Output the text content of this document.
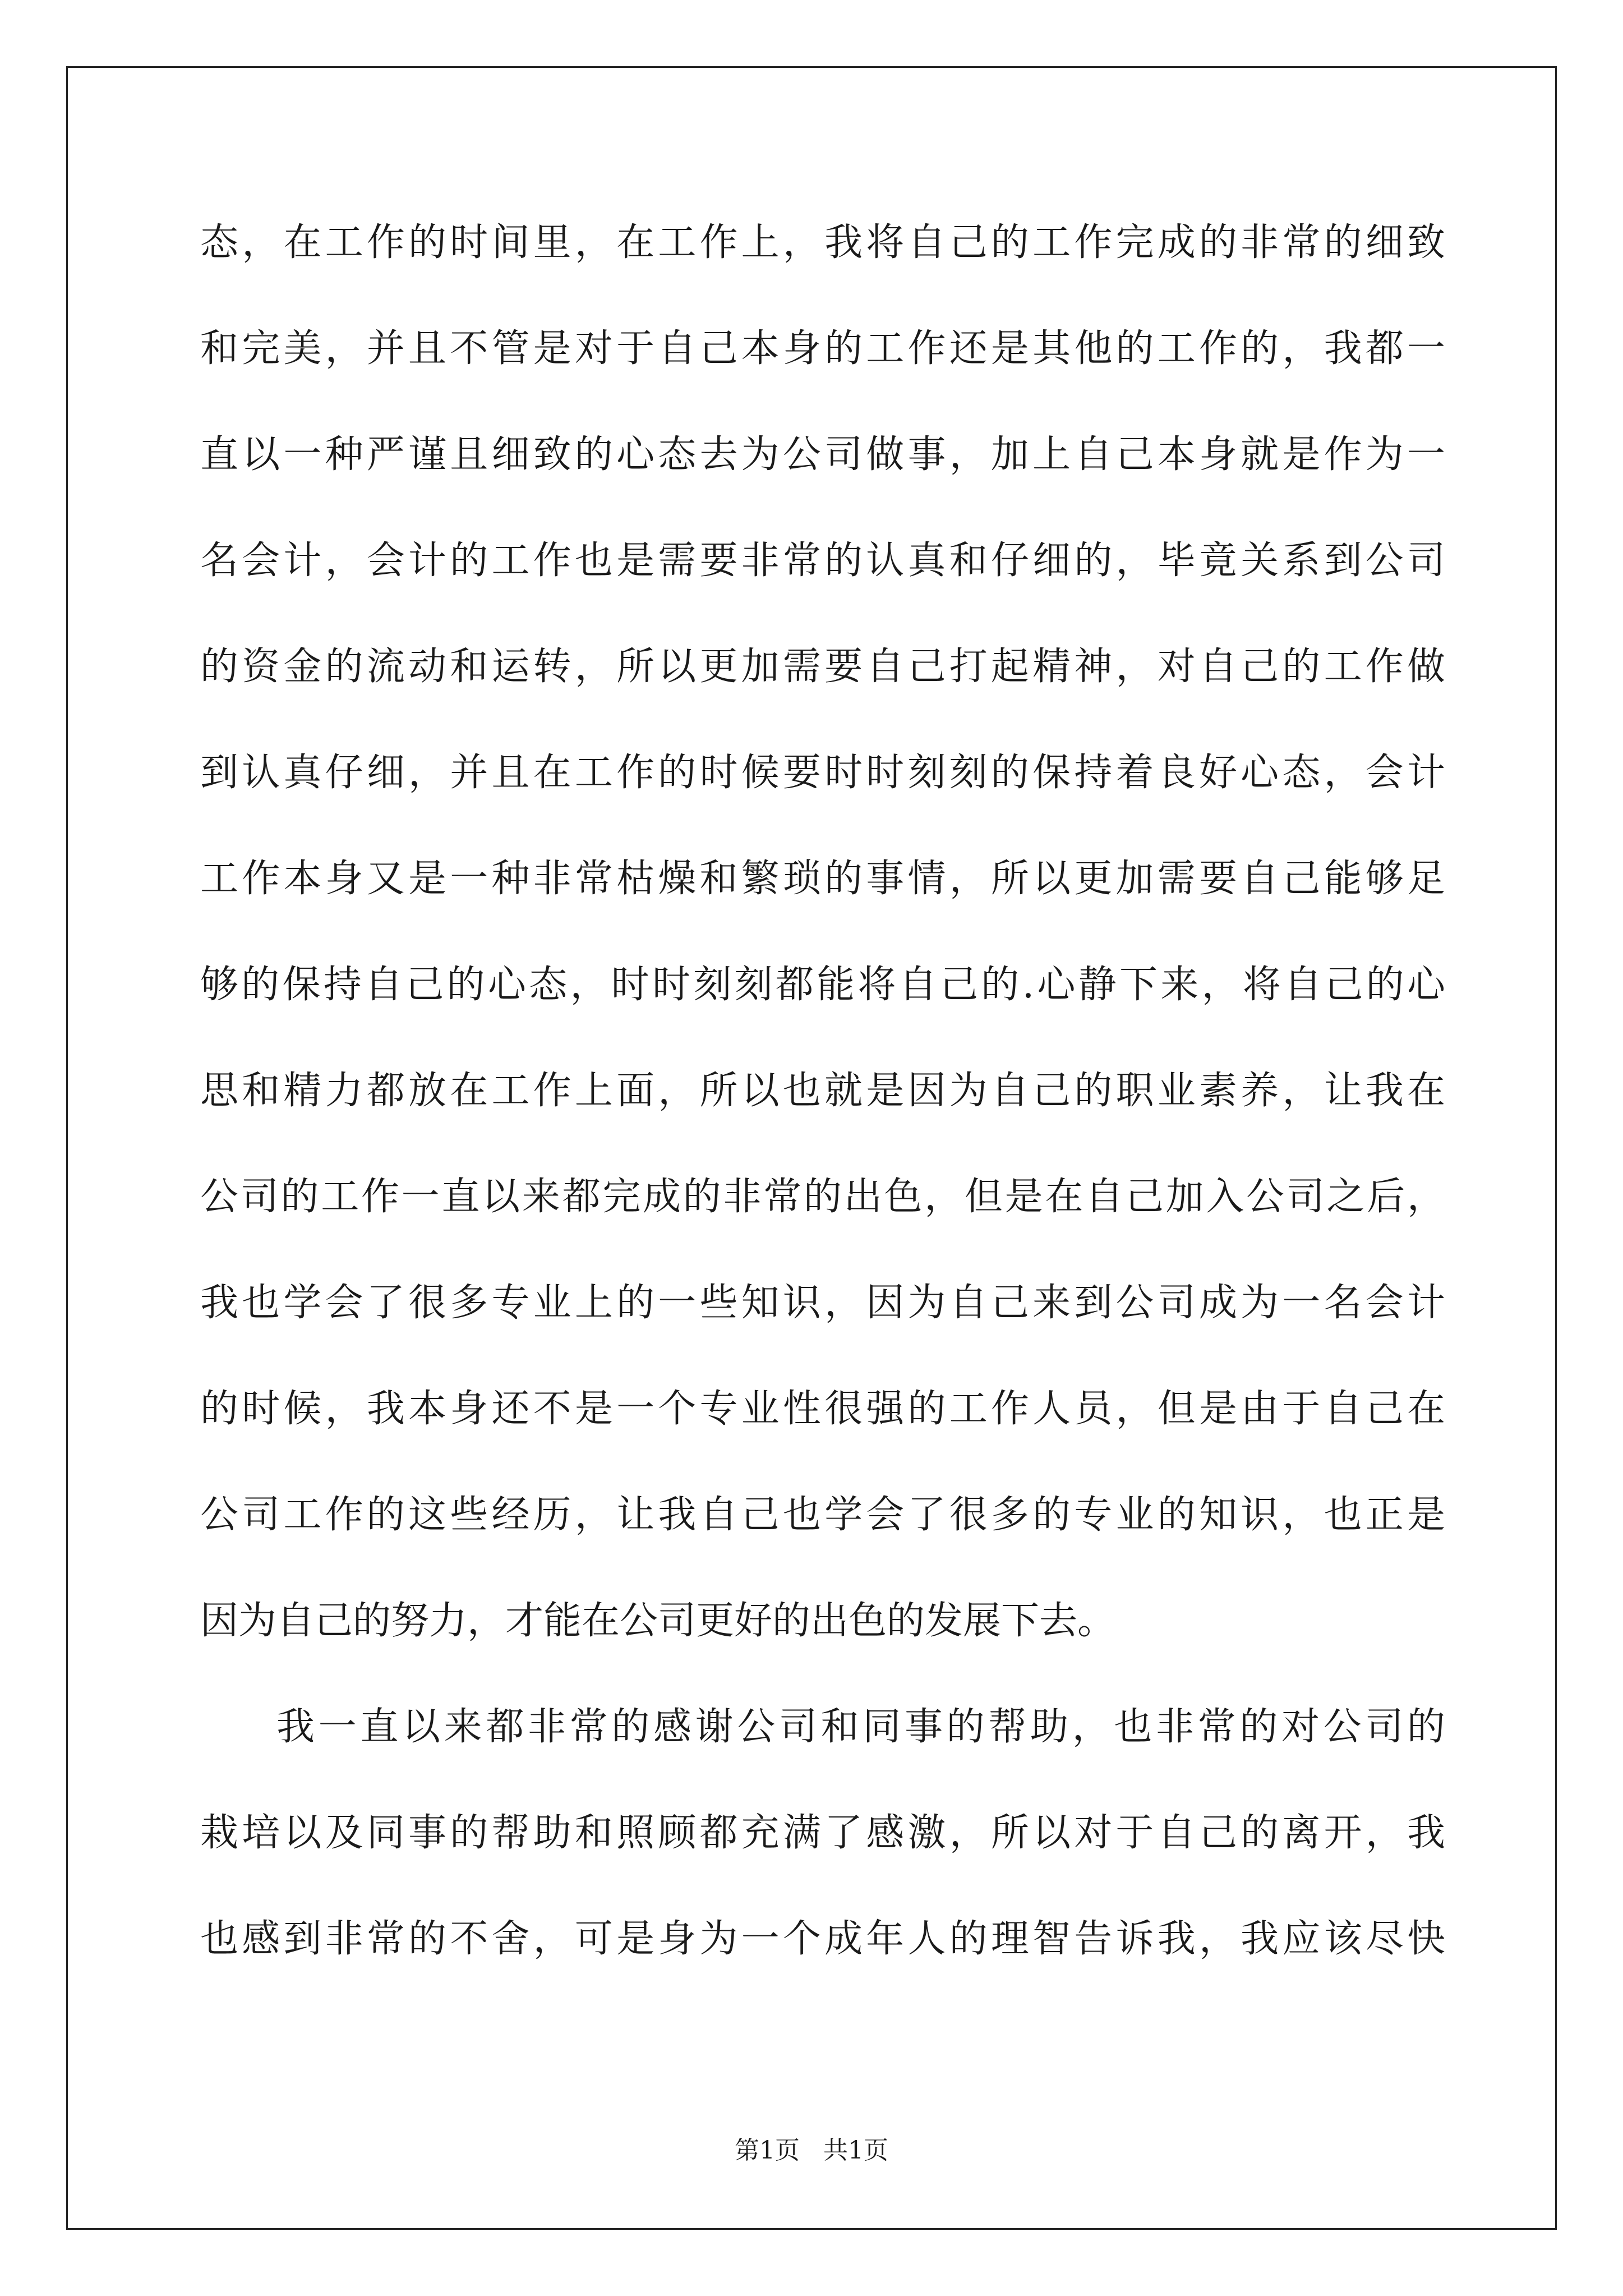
态，在工作的时间里，在工作上，我将自己的工作完成的非常的细致
和完美，并且不管是对于自己本身的工作还是其他的工作的，我都一
直以一种严谨且细致的心态去为公司做事，加上自己本身就是作为一
名会计，会计的工作也是需要非常的认真和仔细的，毕竟关系到公司
的资金的流动和运转，所以更加需要自己打起精神，对自己的工作做
到认真仔细，并且在工作的时候要时时刻刻的保持着良好心态，会计
工作本身又是一种非常枯燥和繁琐的事情，所以更加需要自己能够足
够的保持自己的心态，时时刻刻都能将自己的.心静下来，将自己的心
思和精力都放在工作上面，所以也就是因为自己的职业素养，让我在
公司的工作一直以来都完成的非常的出色，但是在自己加入公司之后，
我也学会了很多专业上的一些知识，因为自己来到公司成为一名会计
的时候，我本身还不是一个专业性很强的工作人员，但是由于自己在
公司工作的这些经历，让我自己也学会了很多的专业的知识，也正是
因为自己的努力，才能在公司更好的出色的发展下去。
我一直以来都非常的感谢公司和同事的帮助，也非常的对公司的
栽培以及同事的帮助和照顾都充满了感激，所以对于自己的离开，我
也感到非常的不舍，可是身为一个成年人的理智告诉我，我应该尽快
第1页   共1页
